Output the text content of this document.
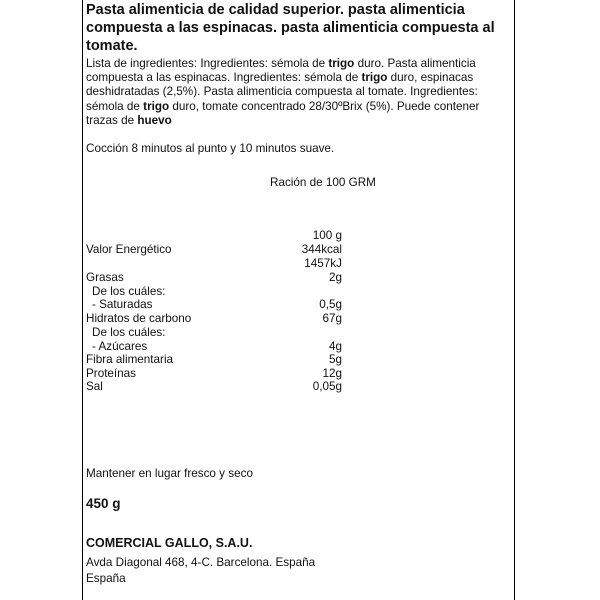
Pasta alimenticia de calidad superior. pasta alimenticia compuesta a las espinacas. pasta alimenticia compuesta al tomate.

Lista de ingredientes: Ingredientes: sémola de trigo duro. Pasta alimenticia compuesta a las espinacas. Ingredientes: sémola de trigo duro, espinacas deshidratadas (2,5%). Pasta alimenticia compuesta al tomate. Ingredientes: sémola de trigo duro, tomate concentrado 28/30ºBrix (5%). Puede contener trazas de huevo

Cocción 8 minutos al punto y 10 minutos suave.

Ración de 100 GRM
100 g
Valor Energético	344kcal
1457kJ
Grasas	2g
De los cuáles:
- Saturadas	0,5g
Hidratos de carbono	67g
De los cuáles:
- Azúcares	4g
Fibra alimentaria	5g
Proteínas	12g
Sal	0,05g
Mantener en lugar fresco y seco
450 g
COMERCIAL GALLO, S.A.U.
Avda Diagonal 468, 4-C. Barcelona. España
España
